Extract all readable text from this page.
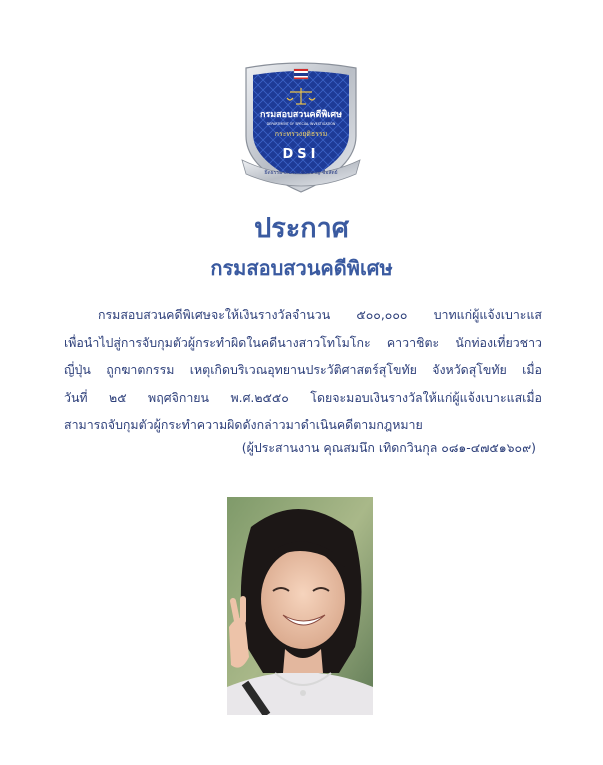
กรมสอบสวนคดีพิเศษ
DEPARTMENT OF SPECIAL INVESTIGATION
กระทรวงยุติธรรม
DSI
ยึดธรรมาภิบาล เชี่ยวชาญ ซื่อสัตย์
ประกาศ
กรมสอบสวนคดีพิเศษ
กรมสอบสวนคดีพิเศษจะให้เงินรางวัลจำนวน ๕๐๐,๐๐๐ บาทแก่ผู้แจ้งเบาะแส
เพื่อนำไปสู่การจับกุมตัวผู้กระทำผิดในคดีนางสาวโทโมโกะ คาวาชิตะ นักท่องเที่ยวชาว
ญี่ปุ่น ถูกฆาตกรรม เหตุเกิดบริเวณอุทยานประวัติศาสตร์สุโขทัย จังหวัดสุโขทัย เมื่อ
วันที่ ๒๕ พฤศจิกายน พ.ศ.๒๕๕๐ โดยจะมอบเงินรางวัลให้แก่ผู้แจ้งเบาะแสเมื่อ
สามารถจับกุมตัวผู้กระทำความผิดดังกล่าวมาดำเนินคดีตามกฎหมาย
(ผู้ประสานงาน คุณสมนึก เทิดกวินกุล ๐๘๑-๔๗๕๑๖๐๙)
